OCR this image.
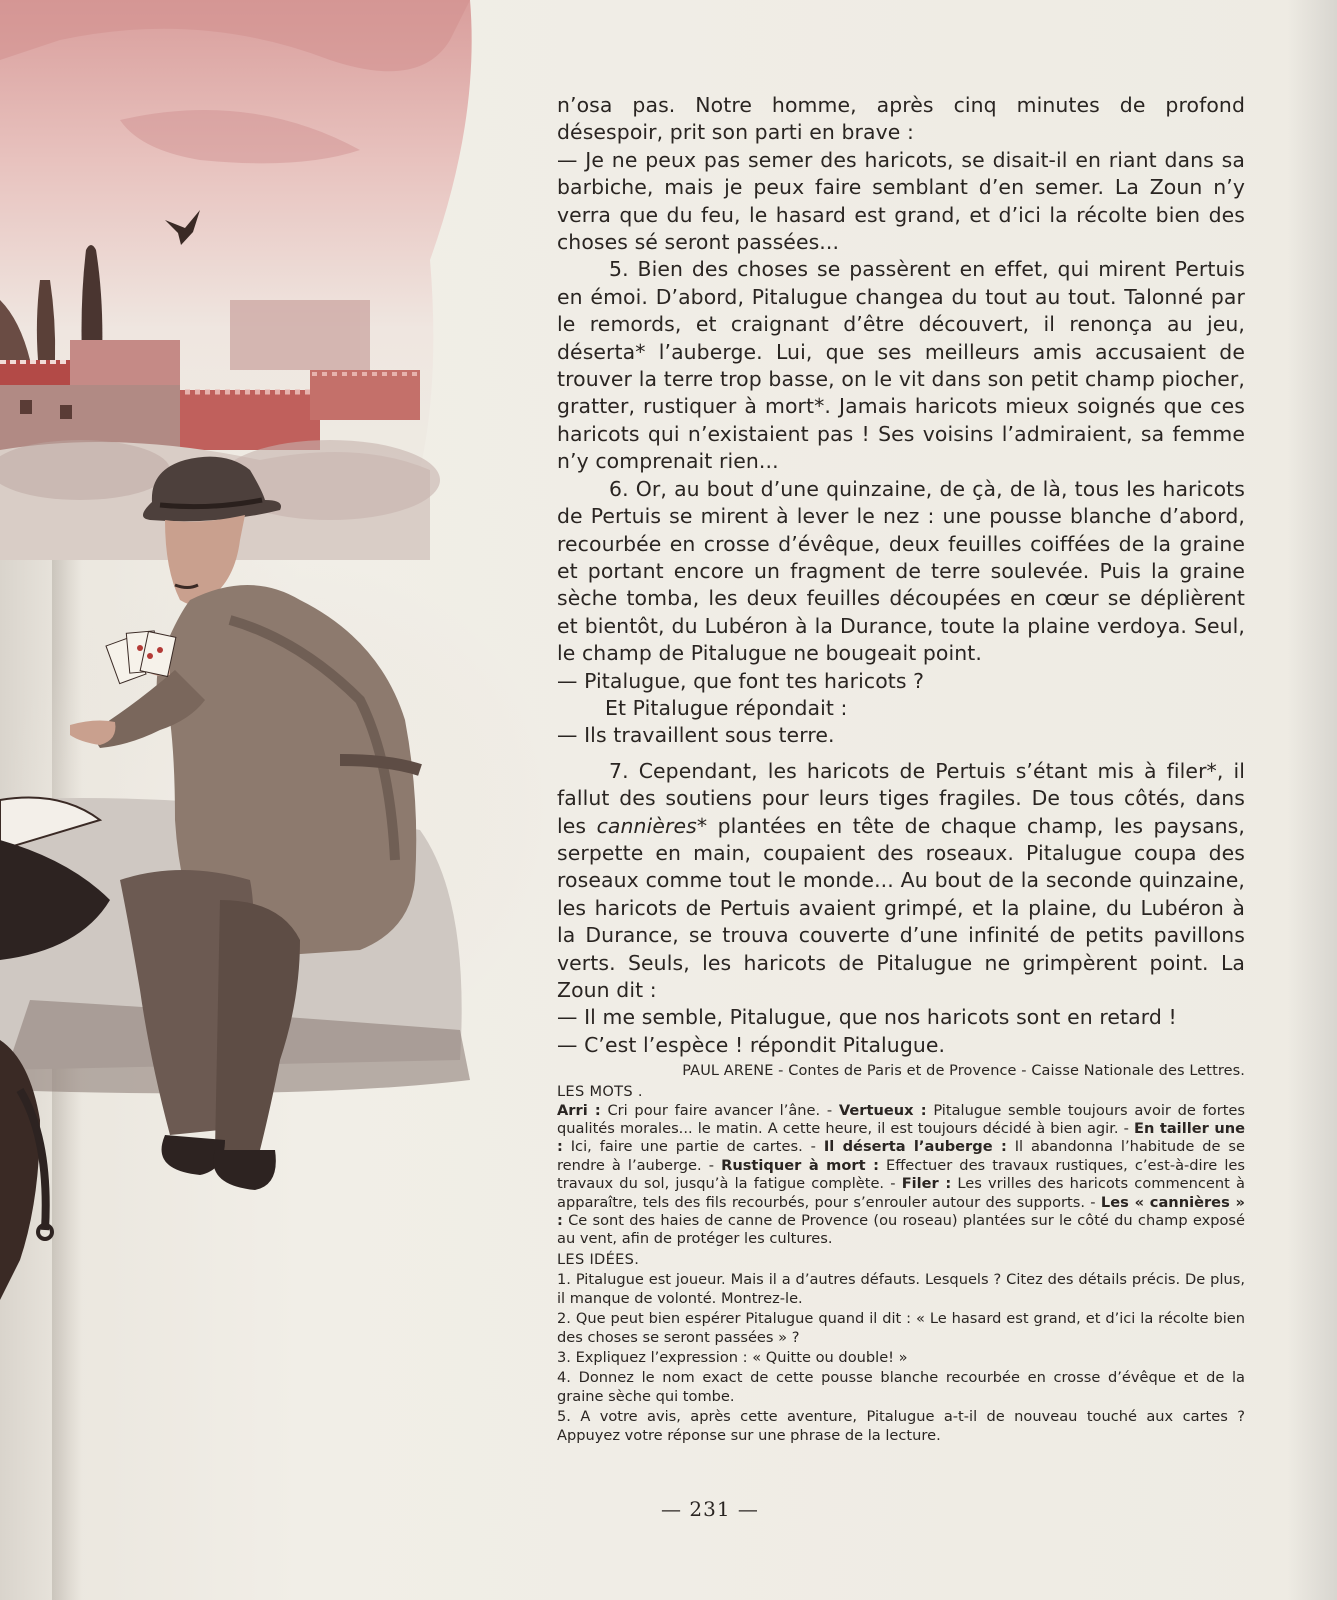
n’osa pas. Notre homme, après cinq minutes de profond désespoir, prit son parti en brave :

— Je ne peux pas semer des haricots, se disait-il en riant dans sa barbiche, mais je peux faire semblant d’en semer. La Zoun n’y verra que du feu, le hasard est grand, et d’ici la récolte bien des choses sé seront passées...

5. Bien des choses se passèrent en effet, qui mirent Pertuis en émoi. D’abord, Pitalugue changea du tout au tout. Talonné par le remords, et craignant d’être découvert, il renonça au jeu, déserta* l’auberge. Lui, que ses meilleurs amis accusaient de trouver la terre trop basse, on le vit dans son petit champ piocher, gratter, rustiquer à mort*. Jamais haricots mieux soignés que ces haricots qui n’existaient pas ! Ses voisins l’admiraient, sa femme n’y comprenait rien...

6. Or, au bout d’une quinzaine, de çà, de là, tous les haricots de Pertuis se mirent à lever le nez : une pousse blanche d’abord, recourbée en crosse d’évêque, deux feuilles coiffées de la graine et portant encore un fragment de terre soulevée. Puis la graine sèche tomba, les deux feuilles découpées en cœur se déplièrent et bientôt, du Lubéron à la Durance, toute la plaine verdoya. Seul, le champ de Pitalugue ne bougeait point.

— Pitalugue, que font tes haricots ?

Et Pitalugue répondait :

— Ils travaillent sous terre.

7. Cependant, les haricots de Pertuis s’étant mis à filer*, il fallut des soutiens pour leurs tiges fragiles. De tous côtés, dans les cannières* plantées en tête de chaque champ, les paysans, serpette en main, coupaient des roseaux. Pitalugue coupa des roseaux comme tout le monde... Au bout de la seconde quinzaine, les haricots de Pertuis avaient grimpé, et la plaine, du Lubéron à la Durance, se trouva couverte d’une infinité de petits pavillons verts. Seuls, les haricots de Pitalugue ne grimpèrent point. La Zoun dit :

— Il me semble, Pitalugue, que nos haricots sont en retard !

— C’est l’espèce ! répondit Pitalugue.

PAUL ARENE - Contes de Paris et de Provence - Caisse Nationale des Lettres.
LES MOTS .
Arri : Cri pour faire avancer l’âne. - Vertueux : Pitalugue semble toujours avoir de fortes qualités morales... le matin. A cette heure, il est toujours décidé à bien agir. - En tailler une : Ici, faire une partie de cartes. - Il déserta l’auberge : Il abandonna l’habitude de se rendre à l’auberge. - Rustiquer à mort : Effectuer des travaux rustiques, c’est-à-dire les travaux du sol, jusqu’à la fatigue complète. - Filer : Les vrilles des haricots commencent à apparaître, tels des fils recourbés, pour s’enrouler autour des supports. - Les « cannières » : Ce sont des haies de canne de Provence (ou roseau) plantées sur le côté du champ exposé au vent, afin de protéger les cultures.
LES IDÉES.
1. Pitalugue est joueur. Mais il a d’autres défauts. Lesquels ? Citez des détails précis. De plus, il manque de volonté. Montrez-le.
2. Que peut bien espérer Pitalugue quand il dit : « Le hasard est grand, et d’ici la récolte bien des choses se seront passées » ?
3. Expliquez l’expression : « Quitte ou double! »
4. Donnez le nom exact de cette pousse blanche recourbée en crosse d’évêque et de la graine sèche qui tombe.
5. A votre avis, après cette aventure, Pitalugue a-t-il de nouveau touché aux cartes ? Appuyez votre réponse sur une phrase de la lecture.
— 231 —
